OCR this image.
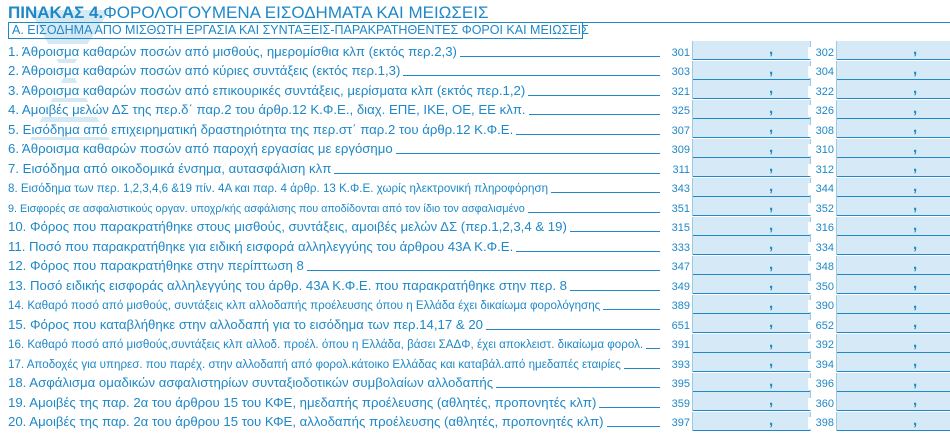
ΠΙΝΑΚΑΣ 4.ΦΟΡΟΛΟΓΟΥΜΕΝΑ ΕΙΣΟΔΗΜΑΤΑ ΚΑΙ ΜΕΙΩΣΕΙΣ
Α. ΕΙΣΟΔΗΜΑ ΑΠΟ ΜΙΣΘΩΤΗ ΕΡΓΑΣΙΑ ΚΑΙ ΣΥΝΤΑΞΕΙΣ-ΠΑΡΑΚΡΑΤΗΘΕΝΤΕΣ ΦΟΡΟΙ ΚΑΙ ΜΕΙΩΣΕΙΣ
1. Άθροισμα καθαρών ποσών από μισθούς, ημερομίσθια κλπ (εκτός περ.2,3)	301	,	302	,
2. Άθροισμα καθαρών ποσών από κύριες συντάξεις (εκτός περ.1,3)	303	,	304	,
3. Άθροισμα καθαρών ποσών από επικουρικές συντάξεις, μερίσματα κλπ (εκτός περ.1,2)	321	,	322	,
4. Αμοιβές μελών ΔΣ της περ.δ΄ παρ.2 του άρθρ.12 Κ.Φ.Ε., διαχ. ΕΠΕ, ΙΚΕ, ΟΕ, ΕΕ κλπ.	325	,	326	,
5. Εισόδημα από επιχειρηματική δραστηριότητα της περ.στ΄ παρ.2 του άρθρ.12 Κ.Φ.Ε.	307	,	308	,
6. Άθροισμα καθαρών ποσών από παροχή εργασίας με εργόσημο	309	,	310	,
7. Εισόδημα από οικοδομικά ένσημα, αυτασφάλιση κλπ	311	,	312	,
8. Εισόδημα των περ. 1,2,3,4,6 &19 πίν. 4Α και παρ. 4 άρθρ. 13 Κ.Φ.Ε. χωρίς ηλεκτρονική πληροφόρηση	343	,	344	,
9. Εισφορές σε ασφαλιστικούς οργαν. υποχρ/κής ασφάλισης που αποδίδονται από τον ίδιο τον ασφαλισμένο	351	,	352	,
10. Φόρος που παρακρατήθηκε στους μισθούς, συντάξεις, αμοιβές μελών ΔΣ (περ.1,2,3,4 & 19)	315	,	316	,
11. Ποσό που παρακρατήθηκε για ειδική εισφορά αλληλεγγύης του άρθρου 43Α Κ.Φ.Ε.	333	,	334	,
12. Φόρος που παρακρατήθηκε στην περίπτωση 8	347	,	348	,
13. Ποσό ειδικής εισφοράς αλληλεγγύης του άρθρ. 43Α Κ.Φ.Ε. που παρακρατήθηκε στην περ. 8	349	,	350	,
14. Καθαρό ποσό από μισθούς, συντάξεις κλπ αλλοδαπής προέλευσης όπου η Ελλάδα έχει δικαίωμα φορολόγησης	389	,	390	,
15. Φόρος που καταβλήθηκε στην αλλοδαπή για το εισόδημα των περ.14,17 & 20	651	,	652	,
16. Καθαρό ποσό από μισθούς,συντάξεις κλπ αλλοδ. προέλ. όπου η Ελλάδα, βάσει ΣΑΔΦ, έχει αποκλειστ. δικαίωμα φορολ.	391	,	392	,
17. Αποδοχές για υπηρεσ. που παρέχ. στην αλλοδαπή από φορολ.κάτοικο Ελλάδας και καταβάλ.από ημεδαπές εταιρίες	393	,	394	,
18. Ασφάλισμα ομαδικών ασφαλιστηρίων συνταξιοδοτικών συμβολαίων αλλοδαπής	395	,	396	,
19. Αμοιβές της παρ. 2α του άρθρου 15 του ΚΦΕ, ημεδαπής προέλευσης (αθλητές, προπονητές κλπ)	359	,	360	,
20. Αμοιβές της παρ. 2α του άρθρου 15 του ΚΦΕ, αλλοδαπής προέλευσης (αθλητές, προπονητές κλπ)	397	,	398	,
